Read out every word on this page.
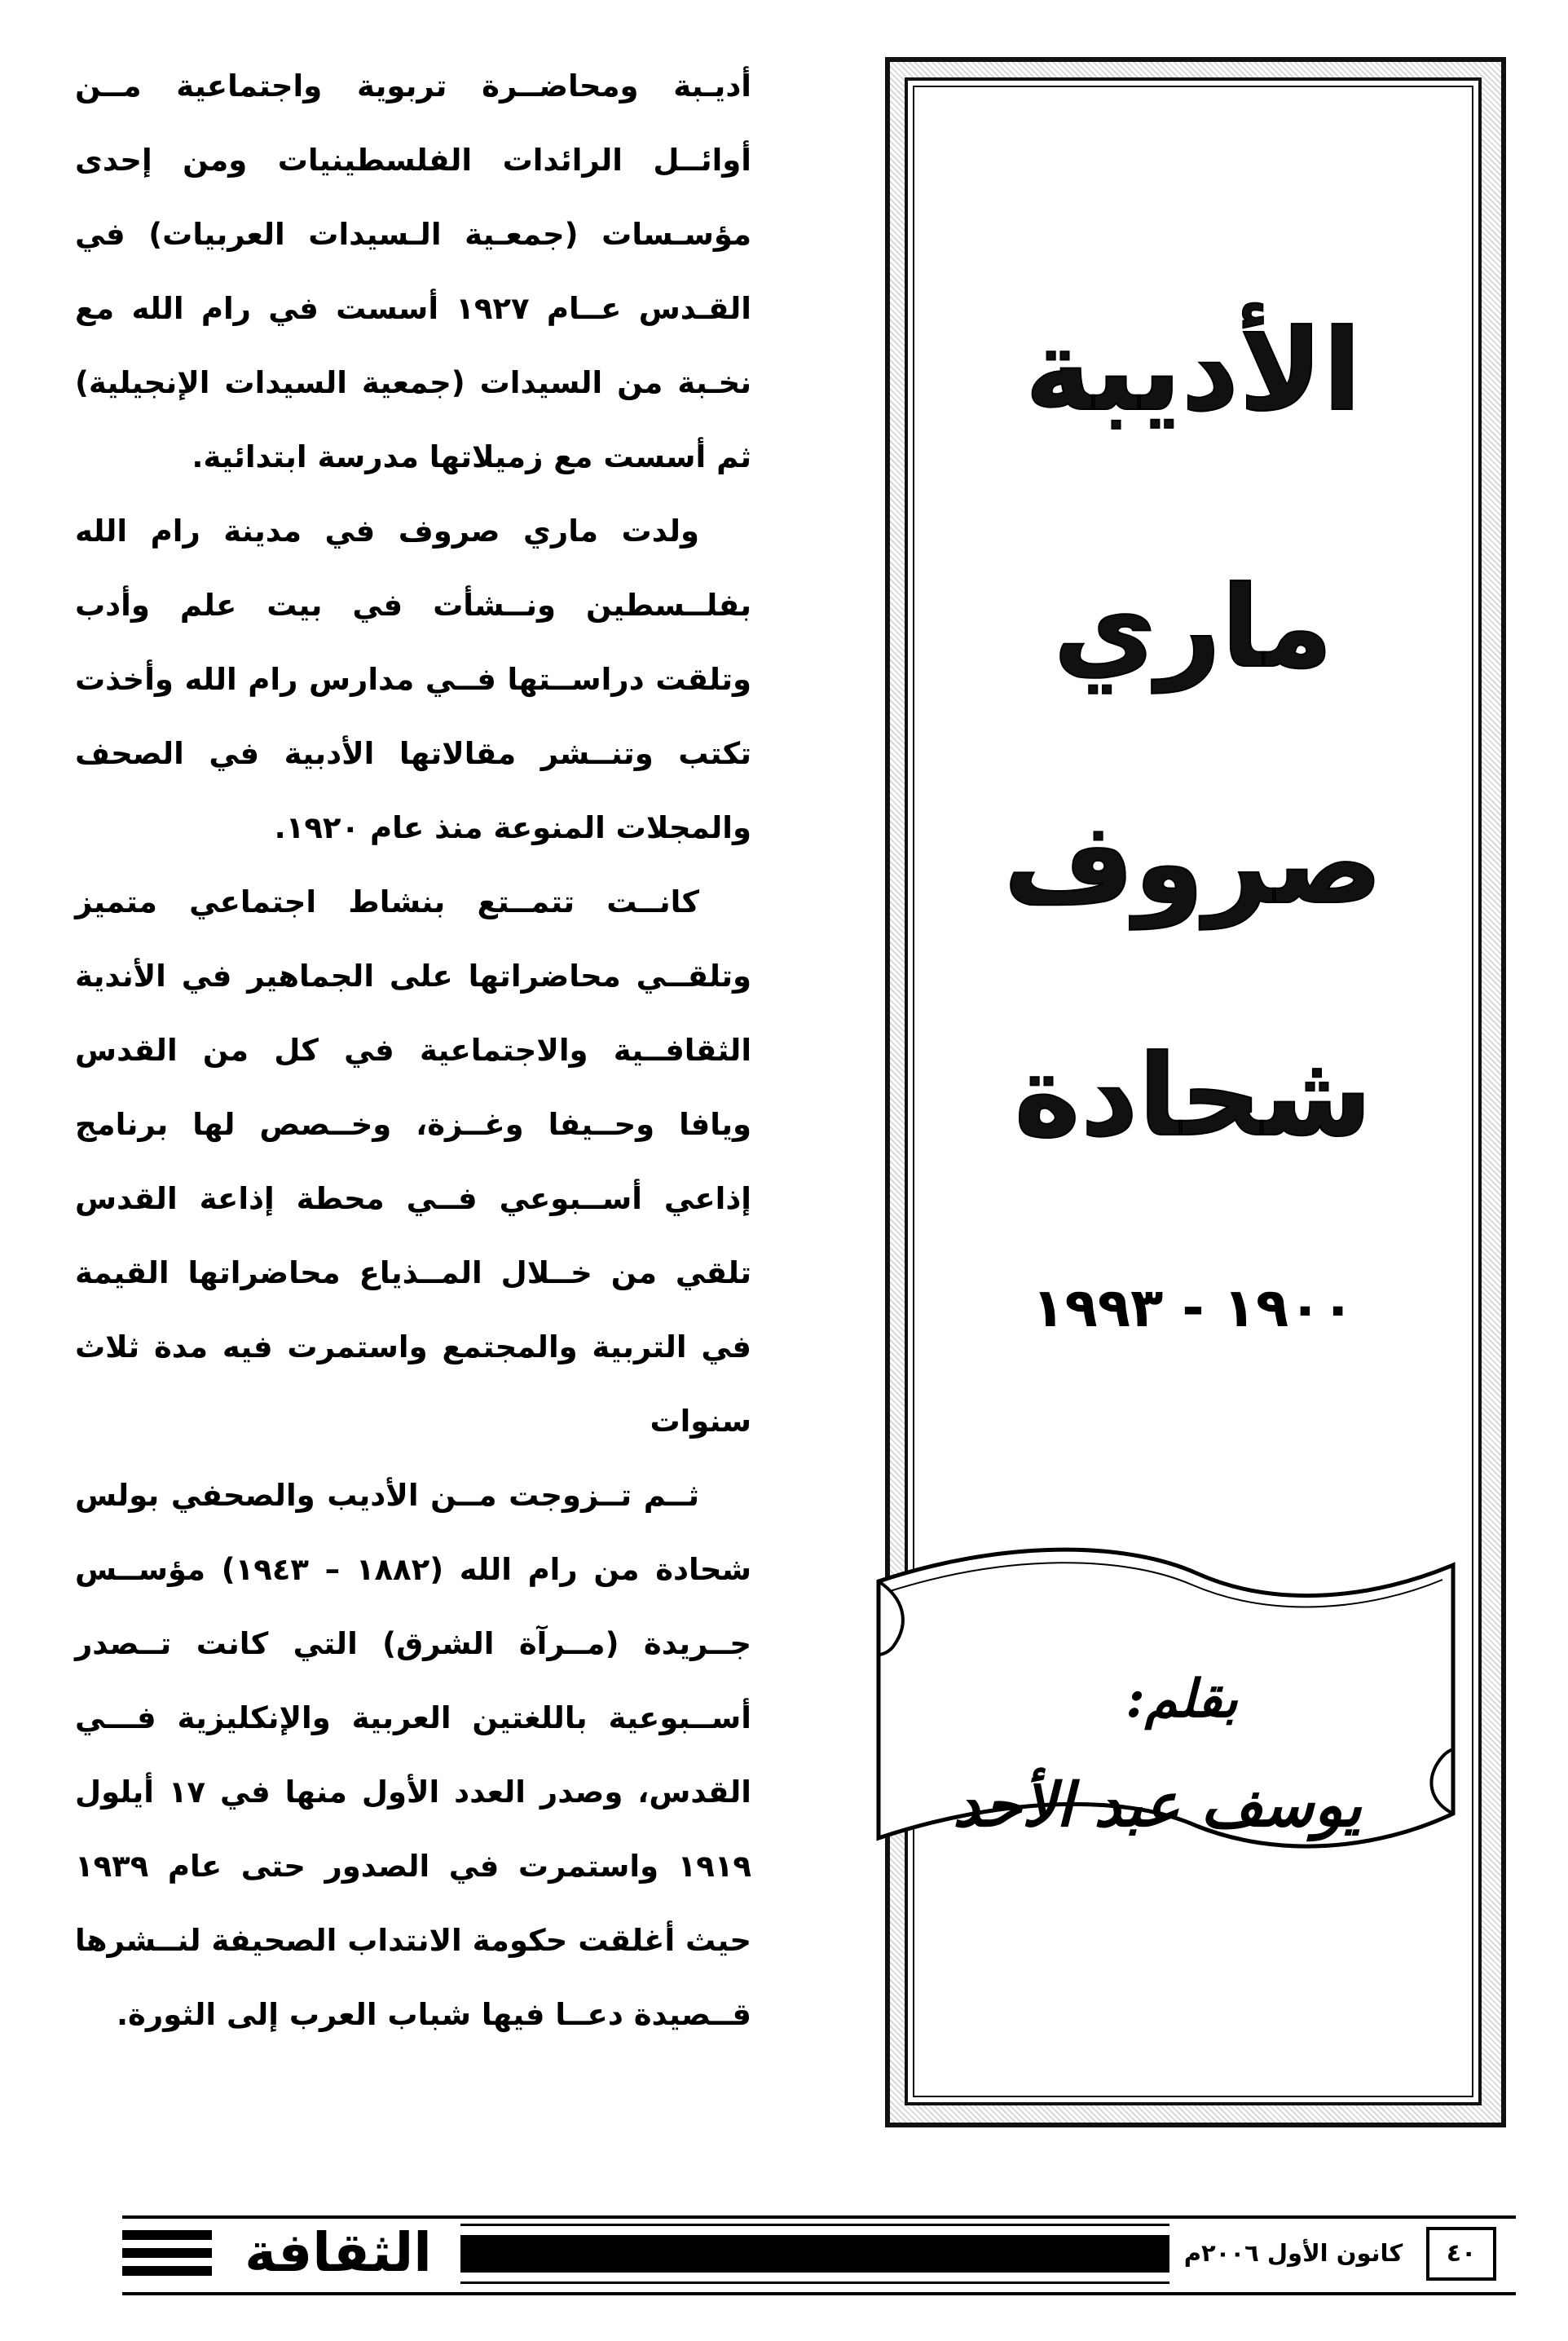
أديـبة ومحاضــرة تربوية واجتماعية مــن أوائــل الرائدات الفلسطينيات ومن إحدى مؤسـسات (جمعـية الـسيدات العربيات) في القـدس عــام ١٩٢٧ أسست في رام الله مع نخـبة من السيدات (جمعية السيدات الإنجيلية) ثم أسست مع زميلاتها مدرسة ابتدائية.

ولدت ماري صروف في مدينة رام الله بفلــسطين ونــشأت في بيت علم وأدب وتلقت دراســتها فــي مدارس رام الله وأخذت تكتب وتنــشر مقالاتها الأدبية في الصحف والمجلات المنوعة منذ عام ١٩٢٠.

كانــت تتمــتع بنشاط اجتماعي متميز وتلقــي محاضراتها على الجماهير في الأندية الثقافــية والاجتماعية في كل من القدس ويافا وحــيفا وغــزة، وخــصص لها برنامج إذاعي أســبوعي فــي محطة إذاعة القدس تلقي من خــلال المــذياع محاضراتها القيمة في التربية والمجتمع واستمرت فيه مدة ثلاث سنوات

ثــم تــزوجت مــن الأديب والصحفي بولس شحادة من رام الله (١٨٨٢ – ١٩٤٣) مؤســس جــريدة (مــرآة الشرق) التي كانت تــصدر أســبوعية باللغتين العربية والإنكليزية فـــي القدس، وصدر العدد الأول منها في ١٧ أيلول ١٩١٩ واستمرت في الصدور حتى عام ١٩٣٩ حيث أغلقت حكومة الانتداب الصحيفة لنــشرها قــصيدة دعــا فيها شباب العرب إلى الثورة.

الأديبة
ماري
صروف
شحادة
١٩٠٠ - ١٩٩٣
بقلم:
يوسف عبد الأحد
الثقافة	كانون الأول ٢٠٠٦م	٤٠
